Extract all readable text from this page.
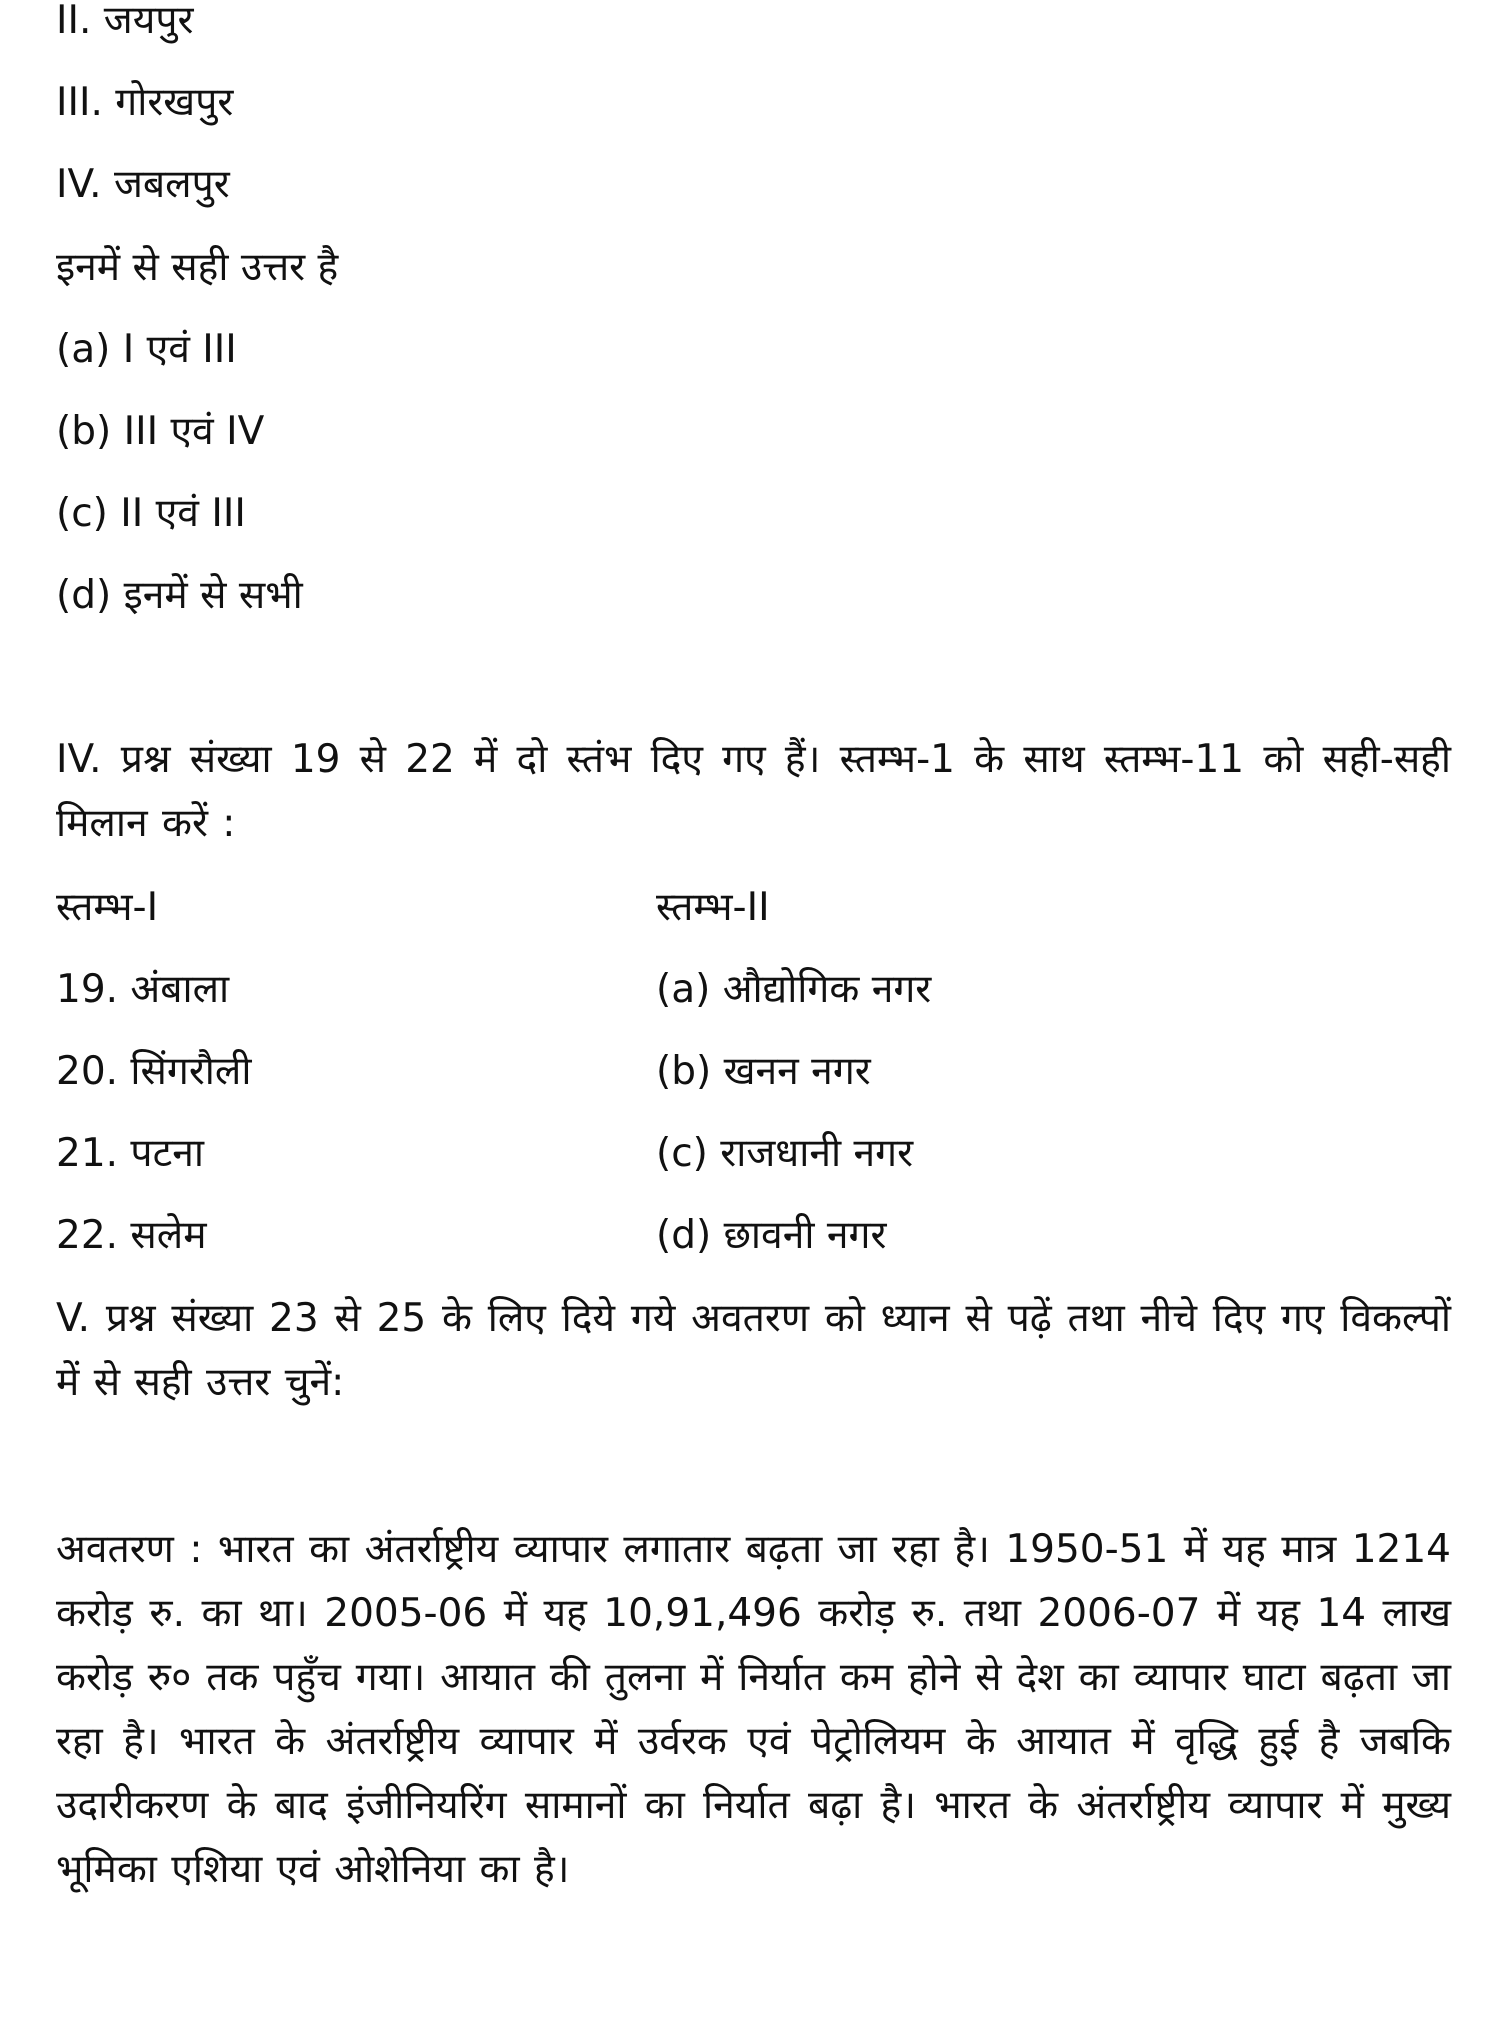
II. जयपुर
III. गोरखपुर
IV. जबलपुर
इनमें से सही उत्तर है
(a) I एवं III
(b) III एवं IV
(c) II एवं III
(d) इनमें से सभी
IV. प्रश्न संख्या 19 से 22 में दो स्तंभ दिए गए हैं। स्तम्भ-1 के साथ स्तम्भ-11 को सही-सही मिलान करें :
स्तम्भ-I	स्तम्भ-II
19. अंबाला	(a) औद्योगिक नगर
20. सिंगरौली	(b) खनन नगर
21. पटना	(c) राजधानी नगर
22. सलेम	(d) छावनी नगर
V. प्रश्न संख्या 23 से 25 के लिए दिये गये अवतरण को ध्यान से पढ़ें तथा नीचे दिए गए विकल्पों में से सही उत्तर चुनें:
अवतरण : भारत का अंतर्राष्ट्रीय व्यापार लगातार बढ़ता जा रहा है। 1950-51 में यह मात्र 1214 करोड़ रु. का था। 2005-06 में यह 10,91,496 करोड़ रु. तथा 2006-07 में यह 14 लाख करोड़ रु० तक पहुँच गया। आयात की तुलना में निर्यात कम होने से देश का व्यापार घाटा बढ़ता जा रहा है। भारत के अंतर्राष्ट्रीय व्यापार में उर्वरक एवं पेट्रोलियम के आयात में वृद्धि हुई है जबकि उदारीकरण के बाद इंजीनियरिंग सामानों का निर्यात बढ़ा है। भारत के अंतर्राष्ट्रीय व्यापार में मुख्य भूमिका एशिया एवं ओशेनिया का है।
